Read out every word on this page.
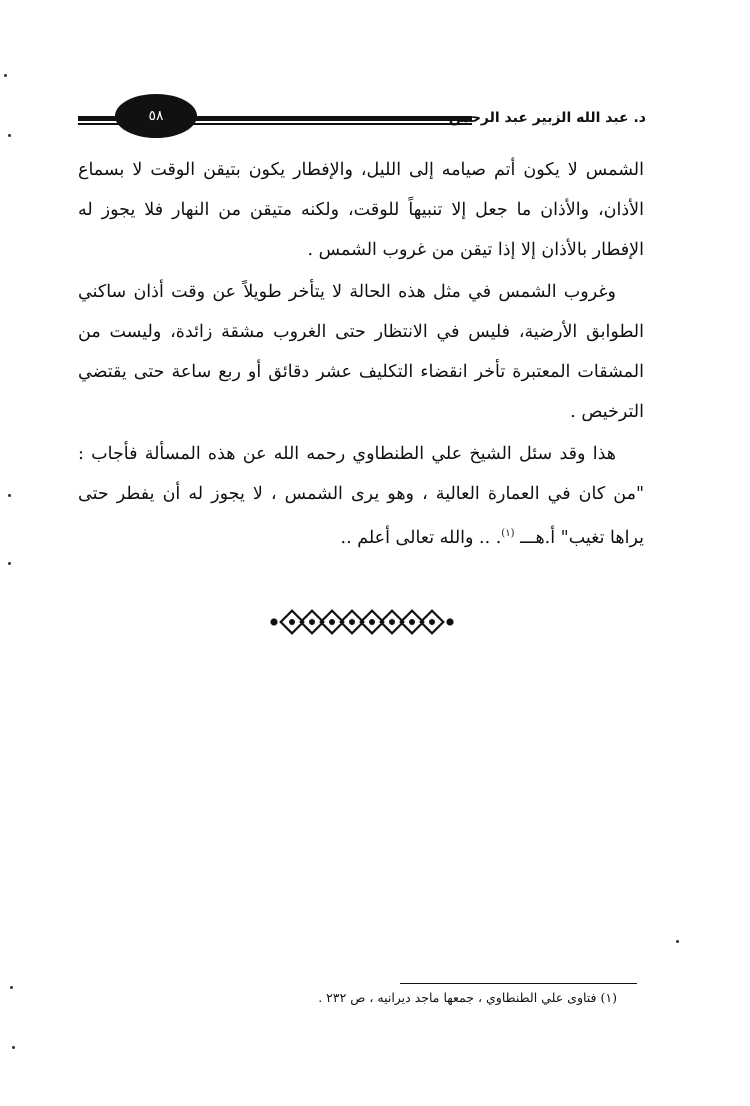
٥٨	د. عبد الله الزبير عبد الرحمن

الشمس لا يكون أتم صيامه إلى الليل، والإفطار يكون بتيقن الوقت لا بسماع الأذان، والأذان ما جعل إلا تنبيهاً للوقت، ولكنه متيقن من النهار فلا يجوز له الإفطار بالأذان إلا إذا تيقن من غروب الشمس .

وغروب الشمس في مثل هذه الحالة لا يتأخر طويلاً عن وقت أذان ساكني الطوابق الأرضية، فليس في الانتظار حتى الغروب مشقة زائدة، وليست من المشقات المعتبرة تأخر انقضاء التكليف عشر دقائق أو ربع ساعة حتى يقتضي الترخيص .

هذا وقد سئل الشيخ علي الطنطاوي رحمه الله عن هذه المسألة فأجاب : "من كان في العمارة العالية ، وهو يرى الشمس ، لا يجوز له أن يفطر حتى يراها تغيب" أ.هـــ $^{(١)}$. .. والله تعالى أعلم ..

(١) فتاوى علي الطنطاوي ، جمعها ماجد ديرانيه ، ص ٢٣٢ .
